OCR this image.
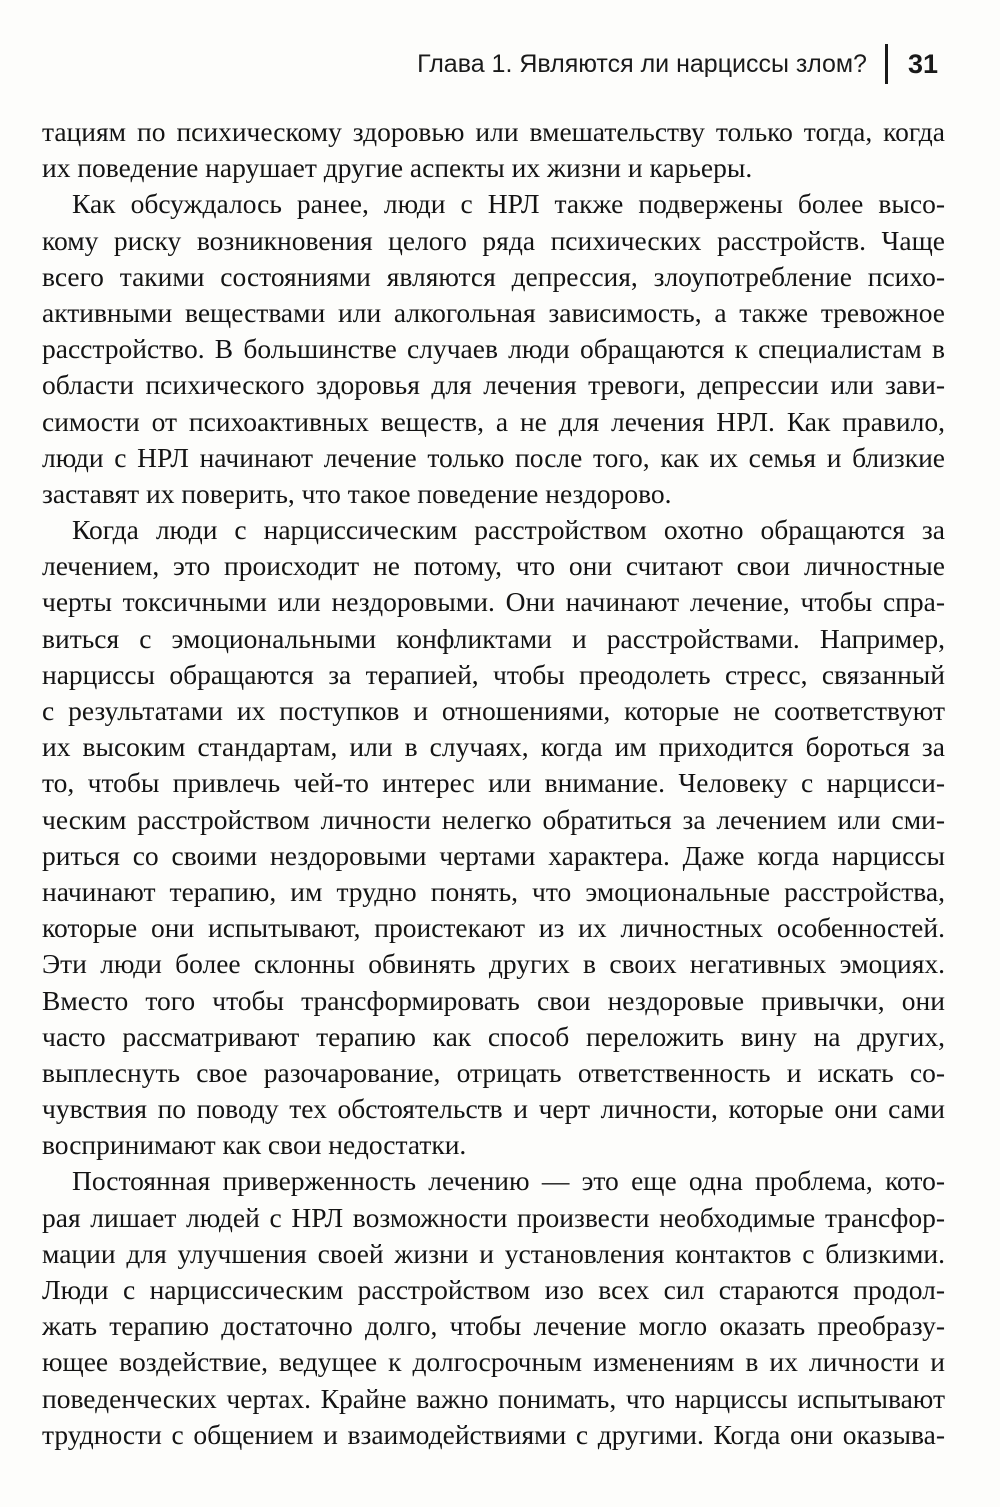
Глава 1. Являются ли нарциссы злом? 31
тациям по психическому здоровью или вмешательству только тогда, когда
их поведение нарушает другие аспекты их жизни и карьеры.
Как обсуждалось ранее, люди с НРЛ также подвержены более высо-
кому риску возникновения целого ряда психических расстройств. Чаще
всего такими состояниями являются депрессия, злоупотребление психо-
активными веществами или алкогольная зависимость, а также тревожное
расстройство. В большинстве случаев люди обращаются к специалистам в
области психического здоровья для лечения тревоги, депрессии или зави-
симости от психоактивных веществ, а не для лечения НРЛ. Как правило,
люди с НРЛ начинают лечение только после того, как их семья и близкие
заставят их поверить, что такое поведение нездорово.
Когда люди с нарциссическим расстройством охотно обращаются за
лечением, это происходит не потому, что они считают свои личностные
черты токсичными или нездоровыми. Они начинают лечение, чтобы спра-
виться с эмоциональными конфликтами и расстройствами. Например,
нарциссы обращаются за терапией, чтобы преодолеть стресс, связанный
с результатами их поступков и отношениями, которые не соответствуют
их высоким стандартам, или в случаях, когда им приходится бороться за
то, чтобы привлечь чей-то интерес или внимание. Человеку с нарцисси-
ческим расстройством личности нелегко обратиться за лечением или сми-
риться со своими нездоровыми чертами характера. Даже когда нарциссы
начинают терапию, им трудно понять, что эмоциональные расстройства,
которые они испытывают, проистекают из их личностных особенностей.
Эти люди более склонны обвинять других в своих негативных эмоциях.
Вместо того чтобы трансформировать свои нездоровые привычки, они
часто рассматривают терапию как способ переложить вину на других,
выплеснуть свое разочарование, отрицать ответственность и искать со-
чувствия по поводу тех обстоятельств и черт личности, которые они сами
воспринимают как свои недостатки.
Постоянная приверженность лечению — это еще одна проблема, кото-
рая лишает людей с НРЛ возможности произвести необходимые трансфор-
мации для улучшения своей жизни и установления контактов с близкими.
Люди с нарциссическим расстройством изо всех сил стараются продол-
жать терапию достаточно долго, чтобы лечение могло оказать преобразу-
ющее воздействие, ведущее к долгосрочным изменениям в их личности и
поведенческих чертах. Крайне важно понимать, что нарциссы испытывают
трудности с общением и взаимодействиями с другими. Когда они оказыва-
